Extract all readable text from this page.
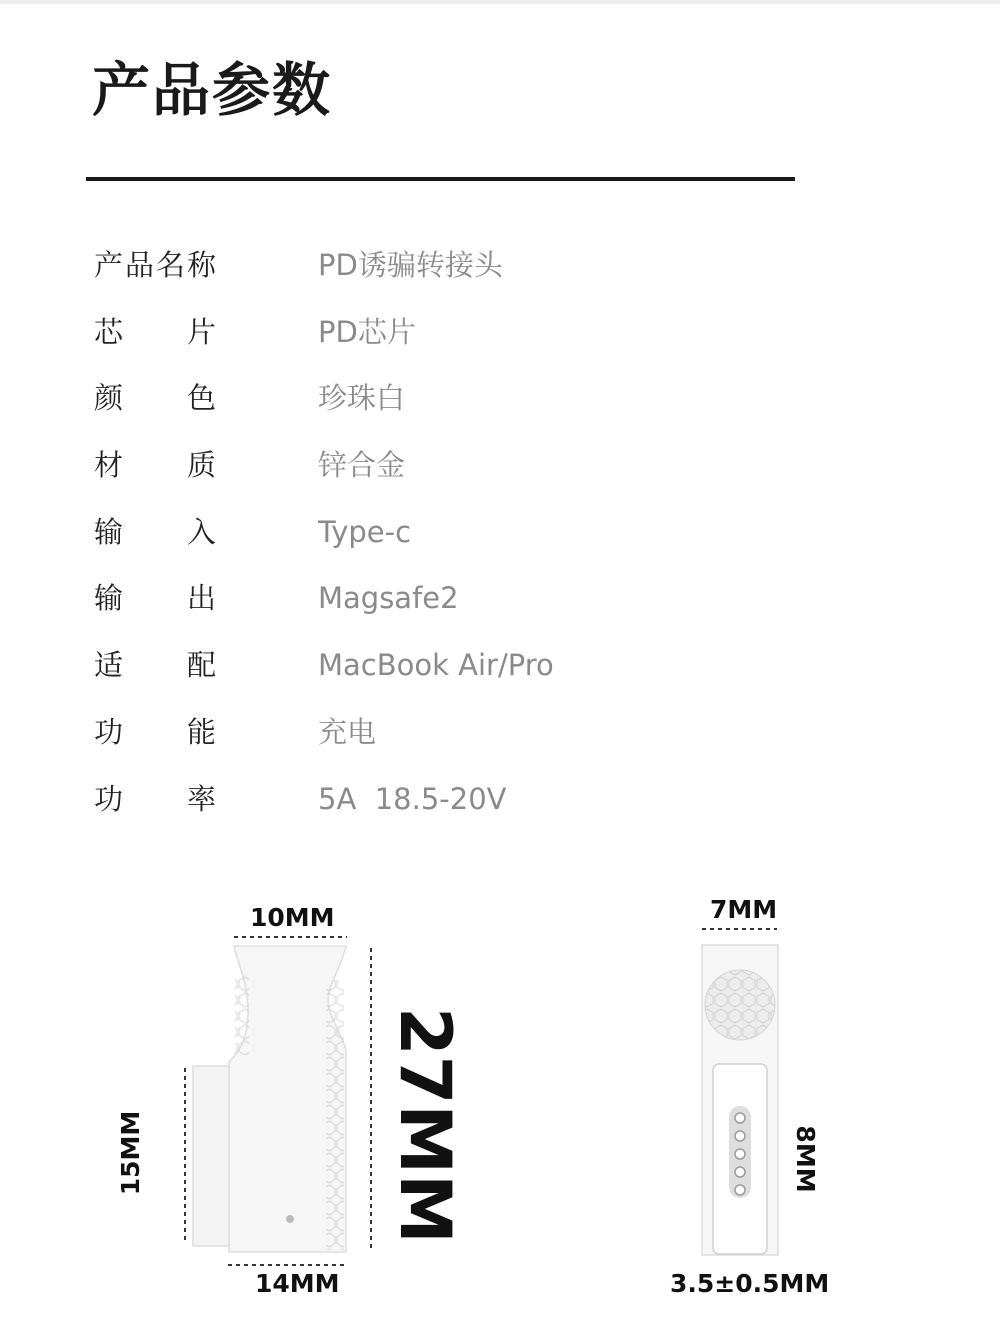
产品参数
产品名称	PD诱骗转接头
芯片	PD芯片
颜色	珍珠白
材质	锌合金
输入	Type-c
输出	Magsafe2
适配	MacBook Air/Pro
功能	充电
功率	5A  18.5-20V
10MM
27MM
15MM
14MM
7MM
8MM
3.5±0.5MM
